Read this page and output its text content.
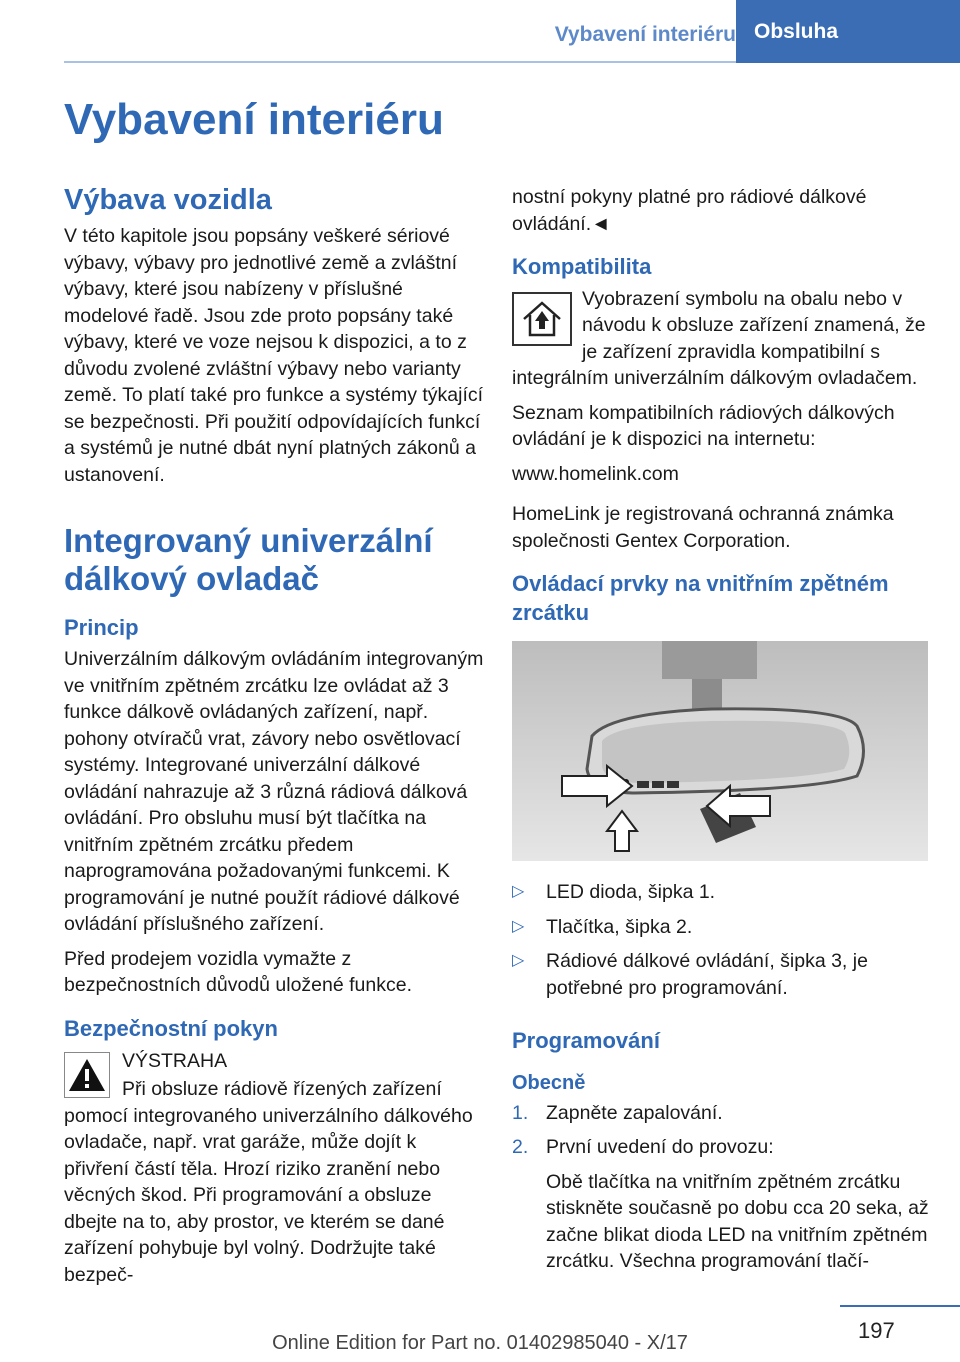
Vybavení interiéru Obsluha
Vybavení interiéru
Výbava vozidla

V této kapitole jsou popsány veškeré sériové výbavy, výbavy pro jednotlivé země a zvláštní výbavy, které jsou nabízeny v příslušné modelové řadě. Jsou zde proto popsány také výbavy, které ve voze nejsou k dispozici, a to z důvodu zvolené zvláštní výbavy nebo varianty země. To platí také pro funkce a systémy týkající se bezpečnosti. Při použití odpovídajících funkcí a systémů je nutné dbát nyní platných zákonů a ustanovení.

Integrovaný univerzální dálkový ovladač
Princip

Univerzálním dálkovým ovládáním integrovaným ve vnitřním zpětném zrcátku lze ovládat až 3 funkce dálkově ovládaných zařízení, např. pohony otvíračů vrat, závory nebo osvětlovací systémy. Integrované univerzální dálkové ovládání nahrazuje až 3 různá rádiová dálková ovládání. Pro obsluhu musí být tlačítka na vnitřním zpětném zrcátku předem naprogramována požadovanými funkcemi. K programování je nutné použít rádiové dálkové ovládání příslušného zařízení.

Před prodejem vozidla vymažte z bezpečnostních důvodů uložené funkce.

Bezpečnostní pokyn

VÝSTRAHA

Při obsluze rádiově řízených zařízení pomocí integrovaného univerzálního dálkového ovladače, např. vrat garáže, může dojít k přivření částí těla. Hrozí riziko zranění nebo věcných škod. Při programování a obsluze dbejte na to, aby prostor, ve kterém se dané zařízení pohybuje byl volný. Dodržujte také bezpeč-

nostní pokyny platné pro rádiové dálkové ovládání.◄

Kompatibilita

Vyobrazení symbolu na obalu nebo v návodu k obsluze zařízení znamená, že je zařízení zpravidla kompatibilní s integrálním univerzálním dálkovým ovladačem.

Seznam kompatibilních rádiových dálkových ovládání je k dispozici na internetu:

www.homelink.com

HomeLink je registrovaná ochranná známka společnosti Gentex Corporation.

Ovládací prvky na vnitřním zpětném zrcátku
▷ LED dioda, šipka 1.
▷ Tlačítka, šipka 2.
▷ Rádiové dálkové ovládání, šipka 3, je potřebné pro programování.
Programování
Obecně
1. Zapněte zapalování.
2. První uvedení do provozu:
Obě tlačítka na vnitřním zpětném zrcátku stiskněte současně po dobu cca 20 seka, až začne blikat dioda LED na vnitřním zpětném zrcátku. Všechna programování tlačí-
197
Online Edition for Part no. 01402985040 - X/17
